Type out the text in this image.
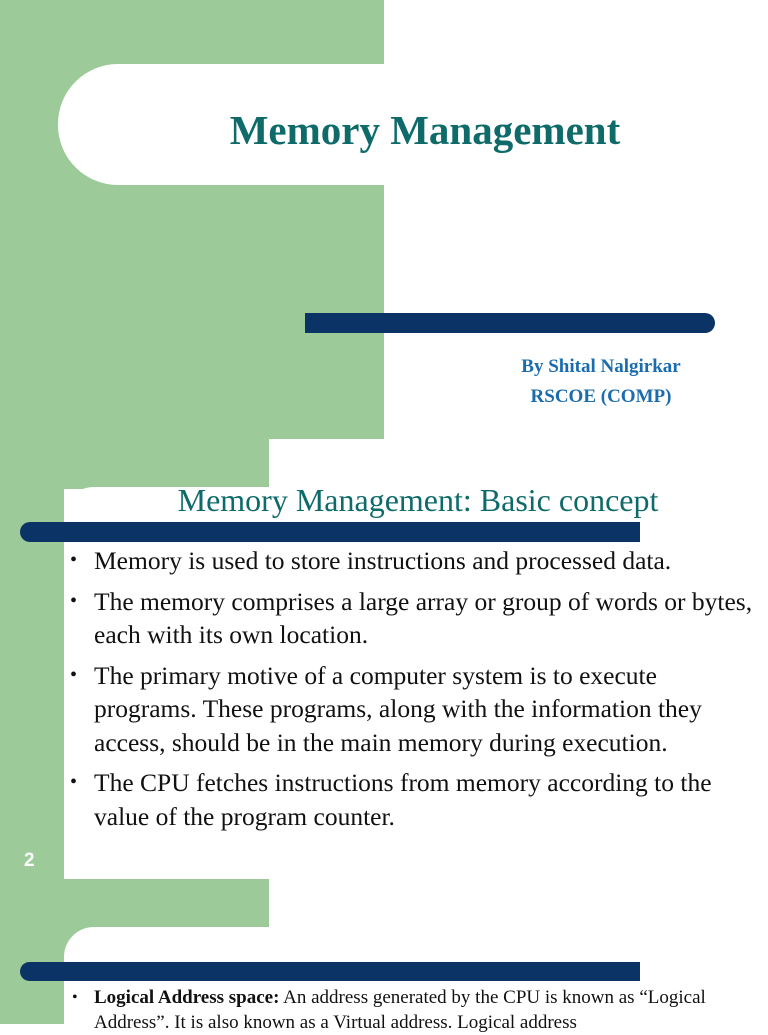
Memory Management
By Shital Nalgirkar
RSCOE (COMP)
Memory Management: Basic concept
• Memory is used to store instructions and processed data.
• The memory comprises a large array or group of words or bytes, each with its own location.
• The primary motive of a computer system is to execute programs. These programs, along with the information they access, should be in the main memory during execution.
• The CPU fetches instructions from memory according to the value of the program counter.
2
• Logical Address space: An address generated by the CPU is known as “Logical Address”. It is also known as a Virtual address. Logical address
